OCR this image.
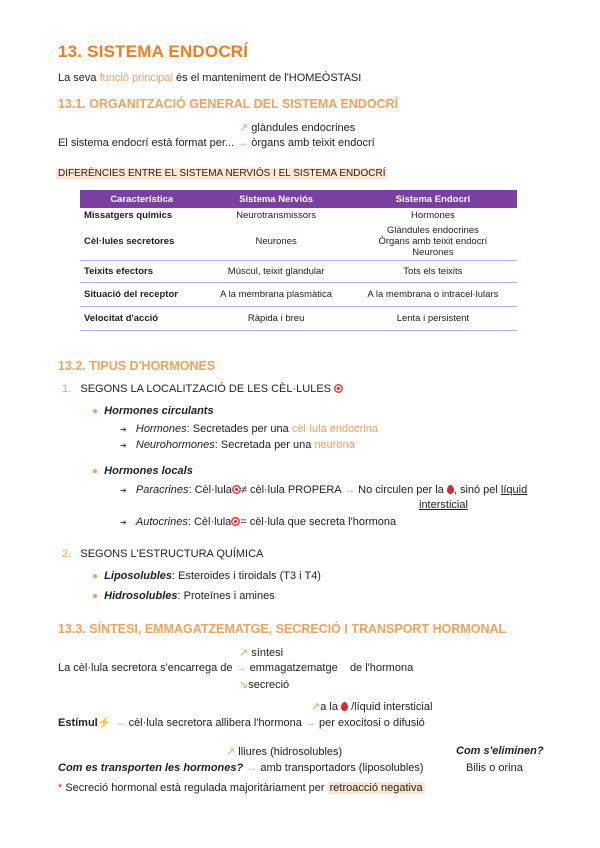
13. SISTEMA ENDOCRÍ
La seva funció principal és el manteniment de l'HOMEÒSTASI
13.1. ORGANITZACIÓ GENERAL DEL SISTEMA ENDOCRÍ
↗ glàndules endocrines
El sistema endocrí està format per... → òrgans amb teixit endocrí
DIFERÈNCIES ENTRE EL SISTEMA NERVIÓS I EL SISTEMA ENDOCRÍ
Característica	Sistema Nerviós	Sistema Endocrí
Missatgers químics	Neurotransmissors	Hormones
Cèl·lules secretores	Neurones	Glàndules endocrines
Òrgans amb teixit endocrí
Neurones

Teixits efectors	Múscul, teixit glandular	Tots els teixits
Situació del receptor	A la membrana plasmàtica	A la membrana o intracel·lulars
Velocitat d'acció	Ràpida i breu	Lenta i persistent
13.2. TIPUS D'HORMONES
1. SEGONS LA LOCALITZACIÓ DE LES CÈL·LULES
● Hormones circulants
➔ Hormones: Secretades per una cèl·lula endocrina
➔ Neurohormones: Secretada per una neurona
● Hormones locals
➔ Paracrines: Cèl·lula ≠ cèl·lula PROPERA → No circulen per la , sinó pel líquid
intersticial
➔ Autocrines: Cèl·lula = cèl·lula que secreta l'hormona
2. SEGONS L'ESTRUCTURA QUÍMICA
● Liposolubles: Esteroides i tiroidals (T3 i T4)
● Hidrosolubles: Proteïnes i amines
13.3. SÍNTESI, EMMAGATZEMATGE, SECRECIÓ I TRANSPORT HORMONAL
↗ síntesi
La cèl·lula secretora s'encarrega de → emmagatzematge de l'hormona
↘secreció
↗a la /líquid intersticial
Estímul⚡ → cèl·lula secretora allibera l'hormona → per exocitosi o difusió
↗ lliures (hidrosolubles)	Com s'eliminen?
Com es transporten les hormones? → amb transportadors (liposolubles)	Bilis o orina
* Secreció hormonal està regulada majoritàriament per retroacció negativa
